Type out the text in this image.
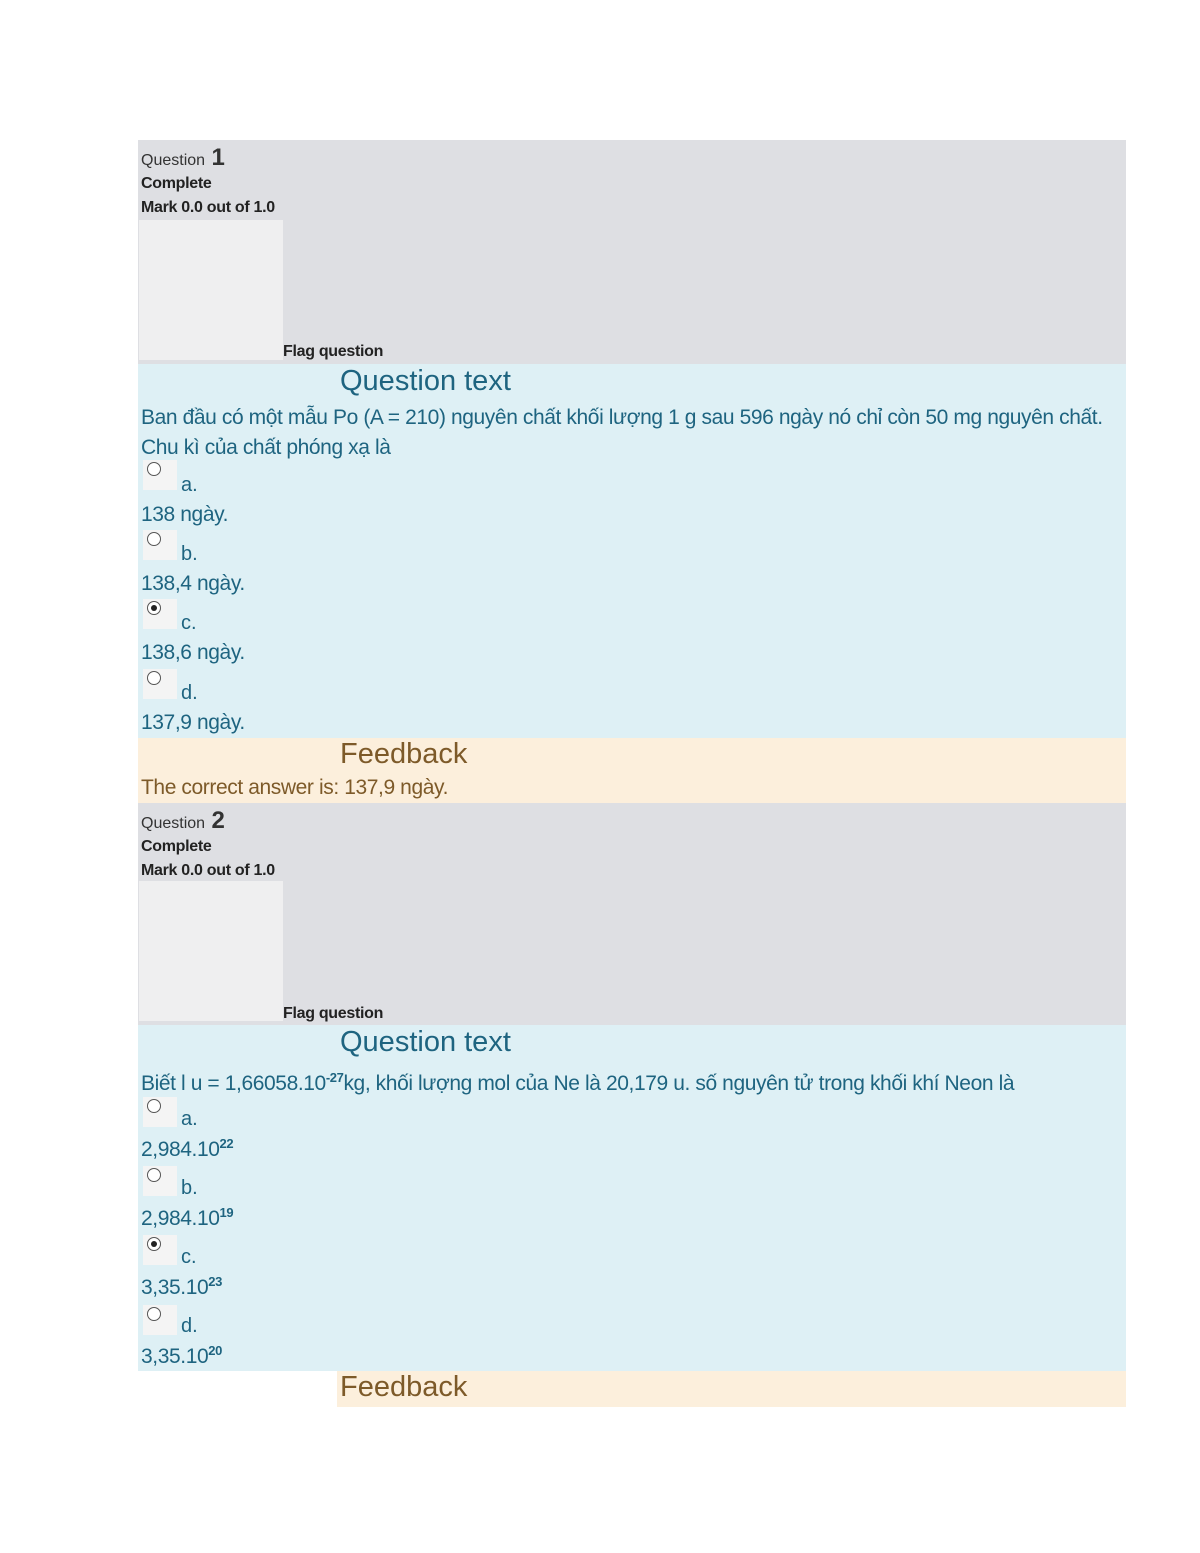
Question 1
Complete
Mark 0.0 out of 1.0
Flag question
Question text
Ban đầu có một mẫu Po (A = 210) nguyên chất khối lượng 1 g sau 596 ngày nó chỉ còn 50 mg nguyên chất. Chu kì của chất phóng xạ là
a.
138 ngày.
b.
138,4 ngày.
c.
138,6 ngày.
d.
137,9 ngày.
Feedback
The correct answer is: 137,9 ngày.
Question 2
Complete
Mark 0.0 out of 1.0
Flag question
Question text
Biết l $u = 1,66058.10^{-27}kg$, khối lượng mol của Ne là 20,179 u. số nguyên tử trong khối khí Neon là
a.
2,984.10$^{22}$
b.
2,984.10$^{19}$
c.
3,35.10$^{23}$
d.
3,35.10$^{20}$
Feedback
